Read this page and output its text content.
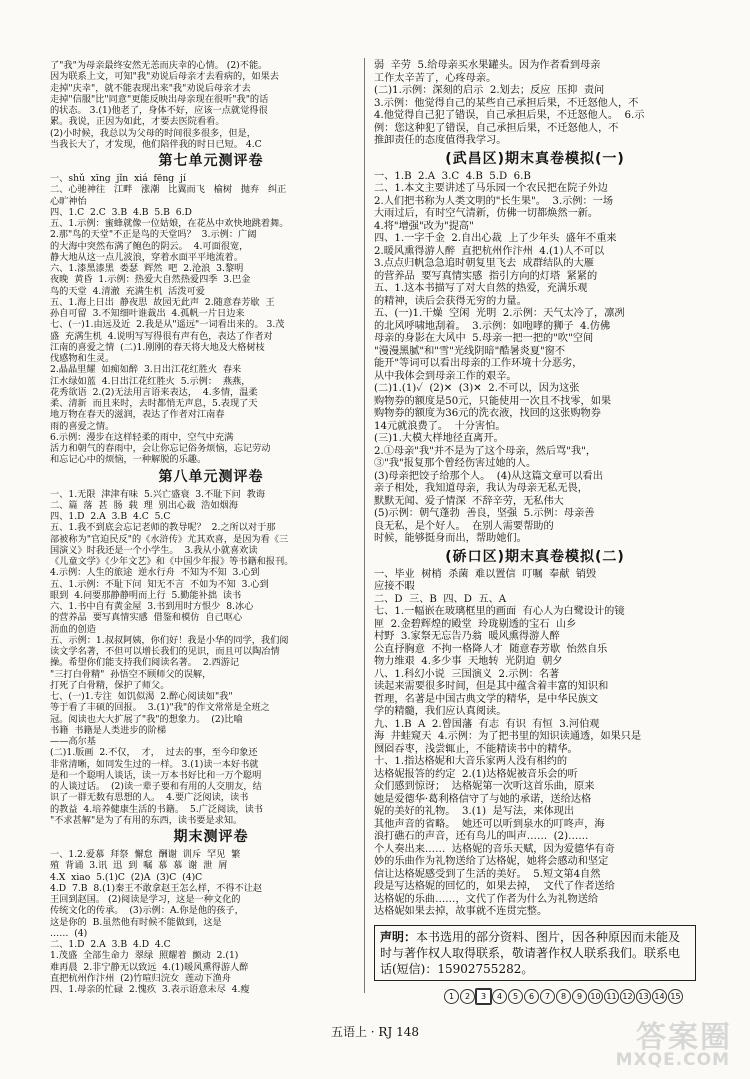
了"我"为母亲最终安然无恙而庆幸的心情。 (2)不能。

因为联系上文，可知"我"劝说后母亲才去看病的，如果去

走掉"庆幸"，就不能表现出来"我"劝说后母亲才去

走掉"信服"比"同意"更能反映出母亲现在很听"我"的话

的状态。 3.(1)他老了，身体不好，应该一点就觉得很

累。我说，正因为如此，才要去医院看看。

(2)小时候，我总以为父母的时间很多很多，但是，

当我长大了，才发现，他们陪伴我的时日已短。 4.C

第七单元测评卷

一、shǔ  xīng  jǐn  xiá  fēng  jí

二、心驰神往   江畔   涨潮   比翼而飞   榆树   抛弃   纠正

心旷神怡

四、1.C  2.C  3.B  4.B  5.B  6.D

五、1.示例：蜜蜂就像一位姑娘，在花丛中欢快地跳着舞。

2.那"鸟的天堂"不正是鸟的天堂吗？  3.示例：广阔

的大海中突然布满了鲍色的阴云。  4.可面很宽，

静大地从这一点儿波浪，穿着水面平平地流着。

六、1.漆黑漆黑  娄瑟  辉然  吧  2.沧浪  3.黎明

夜晚  黄昏  1.示例：热爱大自然热爱四季  3.巴金

鸟的天堂  4.清澈  充满生机  活泼可爱

五、1.海上日出  静夜思  故园无此声  2.随意春芳歇  王

孙自可留  3.不知细叶谁裁出  4.孤帆一片日边来

七、(一)1.由远及近  2.我是从"遥远"一词看出来的。 3.茂

盛  充满生机  4.说明写写得很有声有色，表达了作者对

江南的喜爱之情  (二)1.刚刚的春天将大地及大格树枝

伐感物和生灵。

2.晶晶里耀  如痴如醉  3.日出江花红胜火  春来

江水绿如蓝  4.日出江花红胜火  5.示例：  燕燕，

花秀欲语  2.(2)无法用言语来表达，  4.多情，温柔

柔、清新  而且来时，去时都悄无声息，5.表现了天

地万物在春天的滋润，表达了作者对江南春

雨的喜爱之情。

6.示例：漫步在这样轻柔的雨中，空气中充满

活力和朝气的春雨中，会让你忘记俗务烦恼，忘记劳动

和忘记心中的烦恼，一种解脱的乐趣。

第八单元测评卷

一、1.无限  津津有味  5.兴亡盛衰  3.不耻下问  教诲

二、篇  落  甚  肠  载  理  别出心裁  浩如烟海

四、1.D  2.A  3.B  4.C  5.C

五、1.我不到底会忘记老师的教导呢？  2.之所以对于那

部被称为"官迫民反"的《水浒传》尤其欢喜，是因为看《三

国演义》时我还是一个小学生。  3.我从小就喜欢读

《儿童文学》《少年文艺》和《中国少年报》等书籍和报刊。

4.示例：人生的旅途  逆水行舟  不知为不知  3.心到

五、1.示例：不耻下问  知无不言  不如为不知  3.心到

眼到  4.问要那静静明而上行  5.勤能补拙  读书

六、1.书中自有黄金屋  3.书到用时方恨少  8.冰心

的营养品  要写真情实感  借鉴和模仿  自己呕心

沥血的创造

五、示例：1.叔叔阿姨，你们好！我是小华的同学，我们阅

读文学名著，不但可以增长我们的见识，而且可以陶冶情

操。希望你们能支持我们阅读名著。  2.西游记

"三打白骨精"  孙悟空不顾师父的误解，

打死了白骨精，保护了师父。

七、(一)1.专注  如饥似渴  2.醉心阅读如"我"

等于看了丰硕的回报。  3.(1)"我"的作文常常是全班之

冠。阅读也大大扩展了"我"的想象力。  (2)比喻

书籍  书籍是人类进步的阶梯

——高尔基

(二)1.版画  2.不仅，  才，  过去的事，至今印象还

非常清晰，如同发生过的一样。 3.(1)读一本好书就

是和一个聪明人谈话，读一万本书好比和一万个聪明

的人谈过话。  (2)读一辈子要和有用的人交朋友，结

识了一群无数有思想的人。  4.要广泛阅读，读书

的教益  4.培养健康生活的书籍。  5.广泛阅读，读书

"不求甚解"是为了有用的东西，读书要是求知。

期末测评卷

一、1.2.爱慕  拜祭  懈怠  酬谢  训斥  罕见  繁

殖  背诵  3.讯  迅  到  嘱  慕  慕  谢  泄  屑

4.X  xiao  5.(1)C  (2)A  (3)C  (4)C

4.D  7.B  8.(1)秦王不敢拿赵王怎么样，不得不让赵

王回到赵国。 (2)阅读是学习，这是一种文化的

传统文化的传承。  (3)示例：A.你是他的孩子，

这是你的  B.虽然他有时候不能做到，这是

……  (4)

二、1.D  2.A  3.B  4.D  4.C

1.茂盛  全部生命力  翠绿  照耀着  颤动  2.(1)

难再晨  2.非宁静无以致远  4.(1)暖风熏得游人醉

直把杭州作汴州  (2)竹喧归浣女  莲动下渔舟

四、1.母亲的忙碌  2.愧疚  3.表示语意未尽  4.瘦

弱  辛劳  5.给母亲买水果罐头。因为作者看到母亲

工作太辛苦了，心疼母亲。

(二)1.示例：深刻的启示  2.划去；反应  压抑  责问

3.示例：他觉得自己的某些自己承担后果，不迁怒他人，不

4.他觉得自己犯了错误，自己承担后果，不迁怒他人。  6.示

例：您这种犯了错误，自己承担后果，不迁怒他人，不

推卸责任的态度值得我学习。

(武昌区)期末真卷模拟(一)

一、1.B  2.A  3.C  4.B  5.D  6.B

二、1.本文主要讲述了马乐园一个农民把在院子外边

2.人们把书称为人类文明的"长生果"。  3.示例：一场

大雨过后，有时空气清新，仿佛一切都焕然一新。

4.将"增强"改为"提高"

四、1.一字千金  2.自出心裁  上了少年头  盛年不重来

2.暖风熏得游人醉  直把杭州作汴州  4.(1)人不可以

3.点点归帆急急追时朝复里飞去  成群结队的大雁

的营养品  要写真情实感  指引方向的灯塔  紧紧的

五、1.这本书描写了对大自然的热爱，充满乐观

的精神，读后会获得无穷的力量。

五、(一)1.干燥  空闲  光明  2.示例：天气太冷了，凛冽

的北风呼啸地刮着。  3.示例：如咆哮的狮子  4.仿佛

母亲的身影在大风中  5.母亲一把一把的"吹"空间

"漫漫黑腻"和"雪"光线阴暗"酷暑炎夏"窗不

能开"等词可以看出母亲的工作环境十分恶劣，

从中我体会到母亲工作的艰辛。

(二)1.(1)✓  (2)✕  (3)✕  2.不可以，因为这张

购物券的额度是50元，只能使用一次且不找零，如果

购物券的额度为36元的洗衣液，找回的这张购物券

14元就浪费了。  十分害怕。

(三)1.大模大样地径直离开。

2.①母亲"我"并不是为了这个母亲，然后骂"我"，

③"我"报复那个曾经伤害过她的人。

(3)母亲把饺子给那个人。  (4)从这篇文章可以看出

亲子相处，我知道母亲，我认为母亲无私无畏，

默默无闻、爱子情深  不辞辛劳，无私伟大

(5)示例：朝气蓬勃  善良，坚强  5.示例：母亲善

良无私，是个好人。  在别人需要帮助的

时候，能够挺身而出，帮助她们。

(硚口区)期末真卷模拟(二)

一、毕业  树梢  杀菌  难以置信  叮嘱  奉献  销毁

应接不暇

二、D  三、B  四、D  五、A

七、1.一幅嵌在玻璃框里的画面  有心人为白鹭设计的镜

匣  2.金碧辉煌的殿堂  玲珑剔透的宝石  山乡

村野  3.家祭无忘告乃翁  暖风熏得游人醉

公直抒胸意  不拘一格降人才  随意春芳歇  怡然自乐

物力维艰  4.多少事  天地转  光阴迫  朝夕

八、1.科幻小说  三国演义  2.示例：名著

读起来需要很多时间，但是其中蕴含着丰富的知识和

哲理，名著是中国古典文学的精华，是中华民族文

学的精髓，我们应认真阅读。

九、1.B  A  2.曾国藩  有志  有识  有恒  3.河伯观

海  井蛙窥天  4.示例：为了把书里的知识读通透，如果只是

囫囵吞枣，浅尝辄止，不能精读书中的精华。

十、1.指达格妮和大音乐家两人没有相约的

达格妮报答的约定  2.(1)达格妮被音乐会的听

众们感到惊讶；  达格妮第一次听这首乐曲，原来

她是爱德华·葛利格信守了与她的承诺，送给达格

妮的美好的礼物。  3.(1)  是写法，来体现出

其他声音的省略。  她还可以听到泉水的叮咚声，海

浪打礁石的声音，还有鸟儿的叫声……  (2)……

个人奏出来……  达格妮的音乐天赋，因为爱德华有奇

妙的乐曲作为礼物送给了达格妮，她将会感动和坚定

信让达格妮感受到了生活的美好。  5.短文第4自然

段是写达格妮的回忆的，如果去掉，  文代了作者送给

达格妮的乐曲……，文代了作者为什么为礼物送给

达格妮如果去掉，故事就不连贯完整。

声明：本书选用的部分资料、图片，因各种原因而未能及时与著作权人取得联系，敬请著作权人联系我们。联系电话(短信)：15902755282。
1 2 3 4 5 6 7 8 9 10 11 12 13 14 15
五语上 · RJ 148	答案圈
MXQE.COM
